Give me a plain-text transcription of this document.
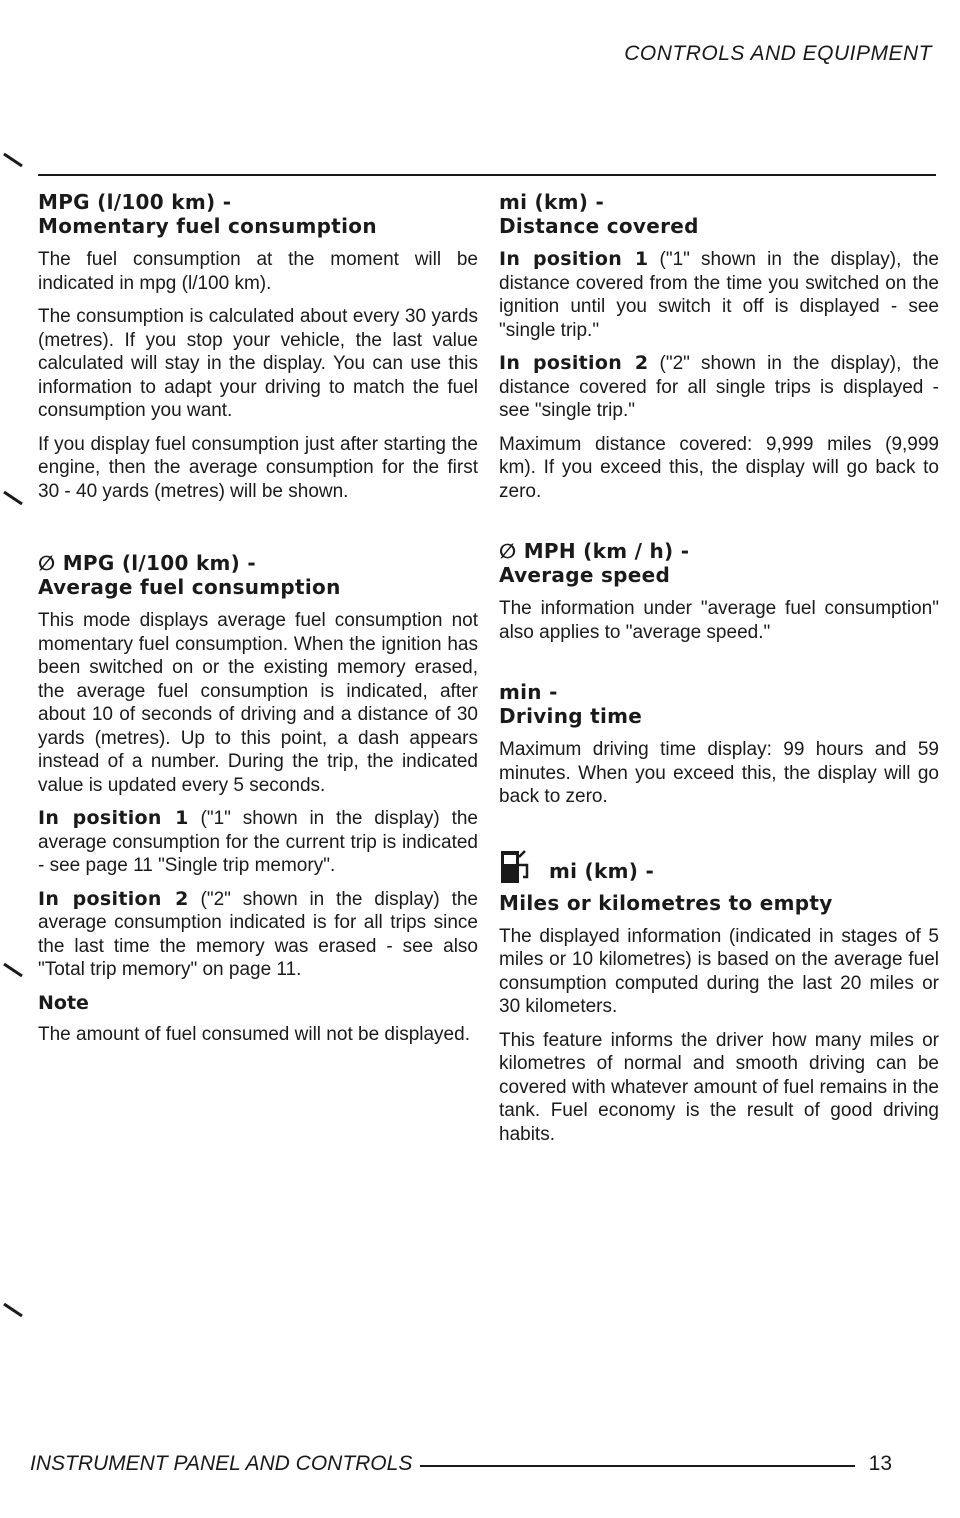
CONTROLS AND EQUIPMENT
MPG (l/100 km) -
Momentary fuel consumption

The fuel consumption at the moment will be indicated in mpg (l/100 km).

The consumption is calculated about every 30 yards (metres). If you stop your vehicle, the last value calculated will stay in the display. You can use this information to adapt your driving to match the fuel consumption you want.

If you display fuel consumption just after starting the engine, then the average consumption for the first 30 - 40 yards (metres) will be shown.

∅ MPG (l/100 km) -
Average fuel consumption

This mode displays average fuel consumption not momentary fuel consumption. When the ignition has been switched on or the existing memory erased, the average fuel consumption is indicated, after about 10 of seconds of driving and a distance of 30 yards (metres). Up to this point, a dash appears instead of a number. During the trip, the indicated value is updated every 5 seconds.

In position 1 ("1" shown in the display) the average consumption for the current trip is indicated - see page 11 "Single trip memory".

In position 2 ("2" shown in the display) the average consumption indicated is for all trips since the last time the memory was erased - see also "Total trip memory" on page 11.

Note

The amount of fuel consumed will not be displayed.

mi (km) -
Distance covered

In position 1 ("1" shown in the display), the distance covered from the time you switched on the ignition until you switch it off is displayed - see "single trip."

In position 2 ("2" shown in the display), the distance covered for all single trips is displayed - see "single trip."

Maximum distance covered: 9,999 miles (9,999 km). If you exceed this, the display will go back to zero.

∅ MPH (km / h) -
Average speed

The information under "average fuel consumption" also applies to "average speed."

min -
Driving time

Maximum driving time display: 99 hours and 59 minutes. When you exceed this, the display will go back to zero.

mi (km) -
Miles or kilometres to empty

The displayed information (indicated in stages of 5 miles or 10 kilometres) is based on the average fuel consumption computed during the last 20 miles or 30 kilometers.

This feature informs the driver how many miles or kilometres of normal and smooth driving can be covered with whatever amount of fuel remains in the tank. Fuel economy is the result of good driving habits.

INSTRUMENT PANEL AND CONTROLS	13
